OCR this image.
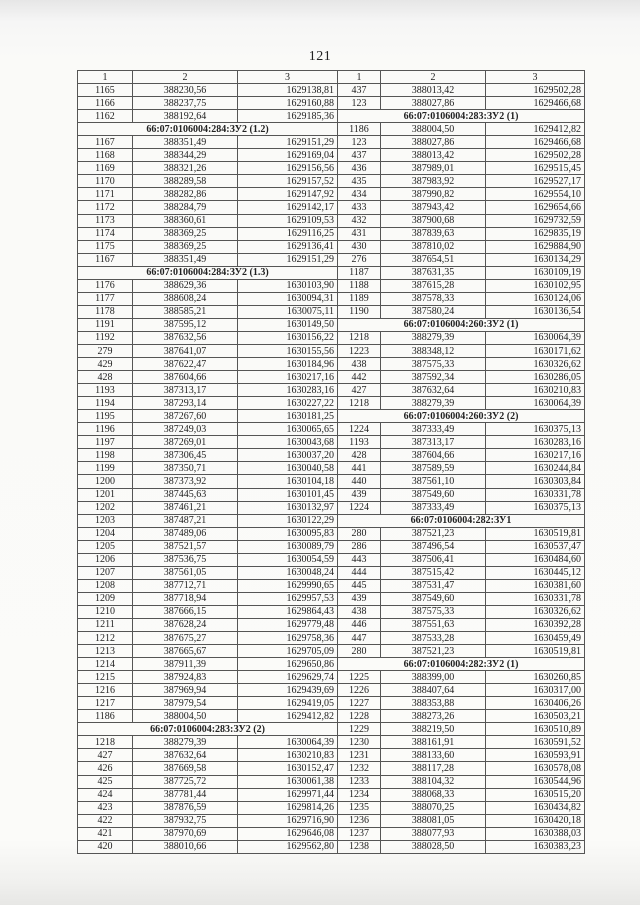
121
1	2	3	1	2	3
1165	388230,56	1629138,81	437	388013,42	1629502,28
1166	388237,75	1629160,88	123	388027,86	1629466,68
1162	388192,64	1629185,36	66:07:0106004:283:ЗУ2 (1)		
66:07:0106004:284:ЗУ2 (1.2)			1186	388004,50	1629412,82
1167	388351,49	1629151,29	123	388027,86	1629466,68
1168	388344,29	1629169,04	437	388013,42	1629502,28
1169	388321,26	1629156,56	436	387989,01	1629515,45
1170	388289,58	1629157,52	435	387983,92	1629527,17
1171	388282,86	1629147,92	434	387990,82	1629554,10
1172	388284,79	1629142,17	433	387943,42	1629654,66
1173	388360,61	1629109,53	432	387900,68	1629732,59
1174	388369,25	1629116,25	431	387839,63	1629835,19
1175	388369,25	1629136,41	430	387810,02	1629884,90
1167	388351,49	1629151,29	276	387654,51	1630134,29
66:07:0106004:284:ЗУ2 (1.3)			1187	387631,35	1630109,19
1176	388629,36	1630103,90	1188	387615,28	1630102,95
1177	388608,24	1630094,31	1189	387578,33	1630124,06
1178	388585,21	1630075,11	1190	387580,24	1630136,54
1191	387595,12	1630149,50	66:07:0106004:260:ЗУ2 (1)		
1192	387632,56	1630156,22	1218	388279,39	1630064,39
279	387641,07	1630155,56	1223	388348,12	1630171,62
429	387622,47	1630184,96	438	387575,33	1630326,62
428	387604,66	1630217,16	442	387592,34	1630286,05
1193	387313,17	1630283,16	427	387632,64	1630210,83
1194	387293,14	1630227,22	1218	388279,39	1630064,39
1195	387267,60	1630181,25	66:07:0106004:260:ЗУ2 (2)		
1196	387249,03	1630065,65	1224	387333,49	1630375,13
1197	387269,01	1630043,68	1193	387313,17	1630283,16
1198	387306,45	1630037,20	428	387604,66	1630217,16
1199	387350,71	1630040,58	441	387589,59	1630244,84
1200	387373,92	1630104,18	440	387561,10	1630303,84
1201	387445,63	1630101,45	439	387549,60	1630331,78
1202	387461,21	1630132,97	1224	387333,49	1630375,13
1203	387487,21	1630122,29	66:07:0106004:282:ЗУ1		
1204	387489,06	1630095,83	280	387521,23	1630519,81
1205	387521,57	1630089,79	286	387496,54	1630537,47
1206	387536,75	1630054,59	443	387506,41	1630484,60
1207	387561,05	1630048,24	444	387515,42	1630445,12
1208	387712,71	1629990,65	445	387531,47	1630381,60
1209	387718,94	1629957,53	439	387549,60	1630331,78
1210	387666,15	1629864,43	438	387575,33	1630326,62
1211	387628,24	1629779,48	446	387551,63	1630392,28
1212	387675,27	1629758,36	447	387533,28	1630459,49
1213	387665,67	1629705,09	280	387521,23	1630519,81
1214	387911,39	1629650,86	66:07:0106004:282:ЗУ2 (1)		
1215	387924,83	1629629,74	1225	388399,00	1630260,85
1216	387969,94	1629439,69	1226	388407,64	1630317,00
1217	387979,54	1629419,05	1227	388353,88	1630406,26
1186	388004,50	1629412,82	1228	388273,26	1630503,21
66:07:0106004:283:ЗУ2 (2)			1229	388219,50	1630510,89
1218	388279,39	1630064,39	1230	388161,91	1630591,52
427	387632,64	1630210,83	1231	388133,60	1630593,91
426	387669,58	1630152,47	1232	388117,28	1630578,08
425	387725,72	1630061,38	1233	388104,32	1630544,96
424	387781,44	1629971,44	1234	388068,33	1630515,20
423	387876,59	1629814,26	1235	388070,25	1630434,82
422	387932,75	1629716,90	1236	388081,05	1630420,18
421	387970,69	1629646,08	1237	388077,93	1630388,03
420	388010,66	1629562,80	1238	388028,50	1630383,23
